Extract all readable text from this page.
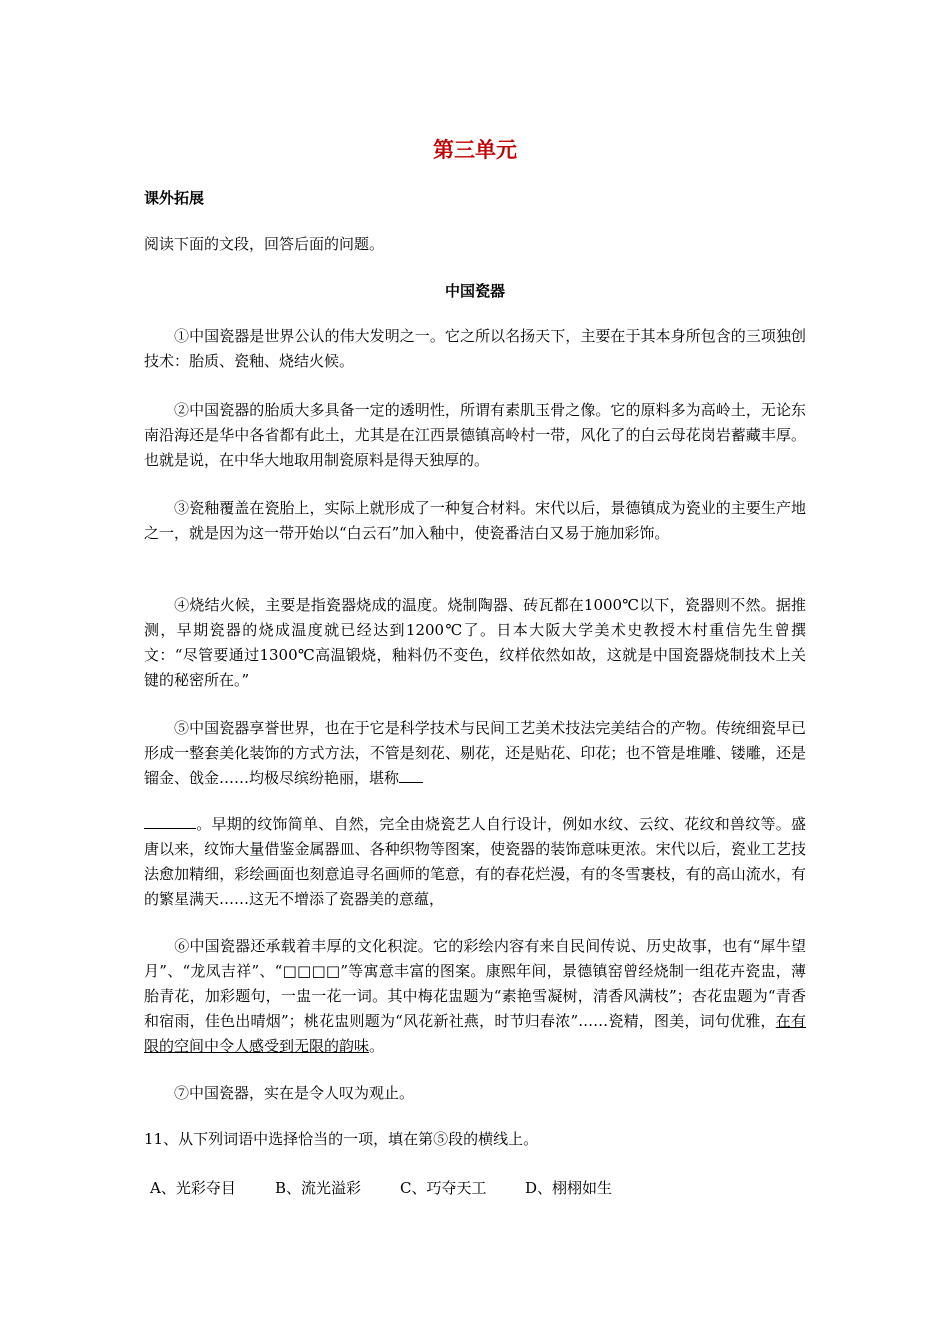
第三单元
课外拓展
阅读下面的文段，回答后面的问题。
中国瓷器

①中国瓷器是世界公认的伟大发明之一。它之所以名扬天下，主要在于其本身所包含的三项独创技术：胎质、瓷釉、烧结火候。

②中国瓷器的胎质大多具备一定的透明性，所谓有素肌玉骨之像。它的原料多为高岭土，无论东南沿海还是华中各省都有此土，尤其是在江西景德镇高岭村一带，风化了的白云母花岗岩蓄藏丰厚。也就是说，在中华大地取用制瓷原料是得天独厚的。

③瓷釉覆盖在瓷胎上，实际上就形成了一种复合材料。宋代以后，景德镇成为瓷业的主要生产地之一，就是因为这一带开始以“白云石”加入釉中，使瓷番洁白又易于施加彩饰。

④烧结火候，主要是指瓷器烧成的温度。烧制陶器、砖瓦都在1000℃以下，瓷器则不然。据推测，早期瓷器的烧成温度就已经达到1200℃了。日本大阪大学美术史教授木村重信先生曾撰文：“尽管要通过1300℃高温锻烧，釉料仍不变色，纹样依然如故，这就是中国瓷器烧制技术上关键的秘密所在。”

⑤中国瓷器享誉世界，也在于它是科学技术与民间工艺美术技法完美结合的产物。传统细瓷早已形成一整套美化装饰的方式方法，不管是刻花、剔花，还是贴花、印花；也不管是堆雕、镂雕，还是镏金、戗金……均极尽缤纷艳丽，堪称

。早期的纹饰简单、自然，完全由烧瓷艺人自行设计，例如水纹、云纹、花纹和兽纹等。盛唐以来，纹饰大量借鉴金属器皿、各种织物等图案，使瓷器的装饰意味更浓。宋代以后，瓷业工艺技法愈加精细，彩绘画面也刻意追寻名画师的笔意，有的春花烂漫，有的冬雪裹枝，有的高山流水，有的繁星满天……这无不增添了瓷器美的意蕴，

⑥中国瓷器还承载着丰厚的文化积淀。它的彩绘内容有来自民间传说、历史故事，也有“犀牛望月”、“龙凤吉祥”、“□□□□”等寓意丰富的图案。康熙年间，景德镇窑曾经烧制一组花卉瓷盅，薄胎青花，加彩题句，一盅一花一词。其中梅花盅题为“素艳雪凝树，清香风满枝”；杏花盅题为“青香和宿雨，佳色出晴烟”；桃花盅则题为“风花新社燕，时节归春浓”……瓷精，图美，词句优雅，在有限的空间中令人感受到无限的韵味。

⑦中国瓷器，实在是令人叹为观止。

11、从下列词语中选择恰当的一项，填在第⑤段的横线上。
A、光彩夺目	B、流光溢彩	C、巧夺天工	D、栩栩如生
